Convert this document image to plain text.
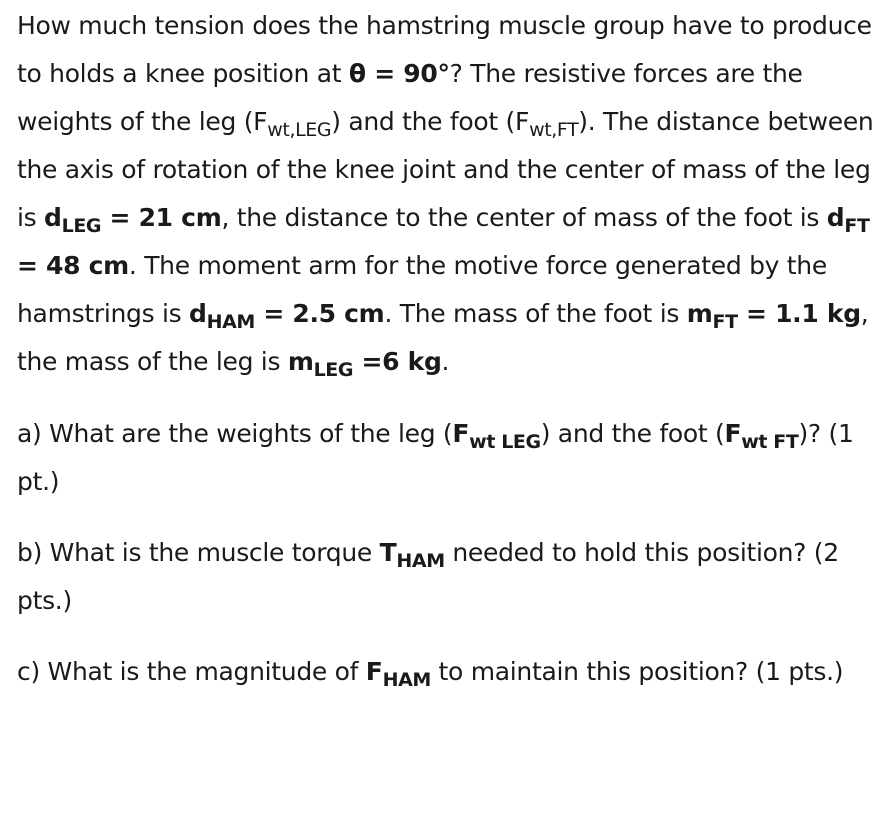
How much tension does the hamstring muscle group have to produce to holds a knee position at θ = 90°? The resistive forces are the weights of the leg $(F_{wt,LEG})$ and the foot $(F_{wt,FT})$. The distance between the axis of rotation of the knee joint and the center of mass of the leg is $d_{LEG} = 21$ cm, the distance to the center of mass of the foot is $d_{FT} = 48$ cm. The moment arm for the motive force generated by the hamstrings is $d_{HAM} = 2.5$ cm. The mass of the foot is $m_{FT} = 1.1$ kg, the mass of the leg is $m_{LEG} =6$ kg.

a) What are the weights of the leg $(F_{wt LEG})$ and the foot $(F_{wt FT})$? (1 pt.)

b) What is the muscle torque $T_{HAM}$ needed to hold this position? (2 pts.)

c) What is the magnitude of $F_{HAM}$ to maintain this position? (1 pts.)
